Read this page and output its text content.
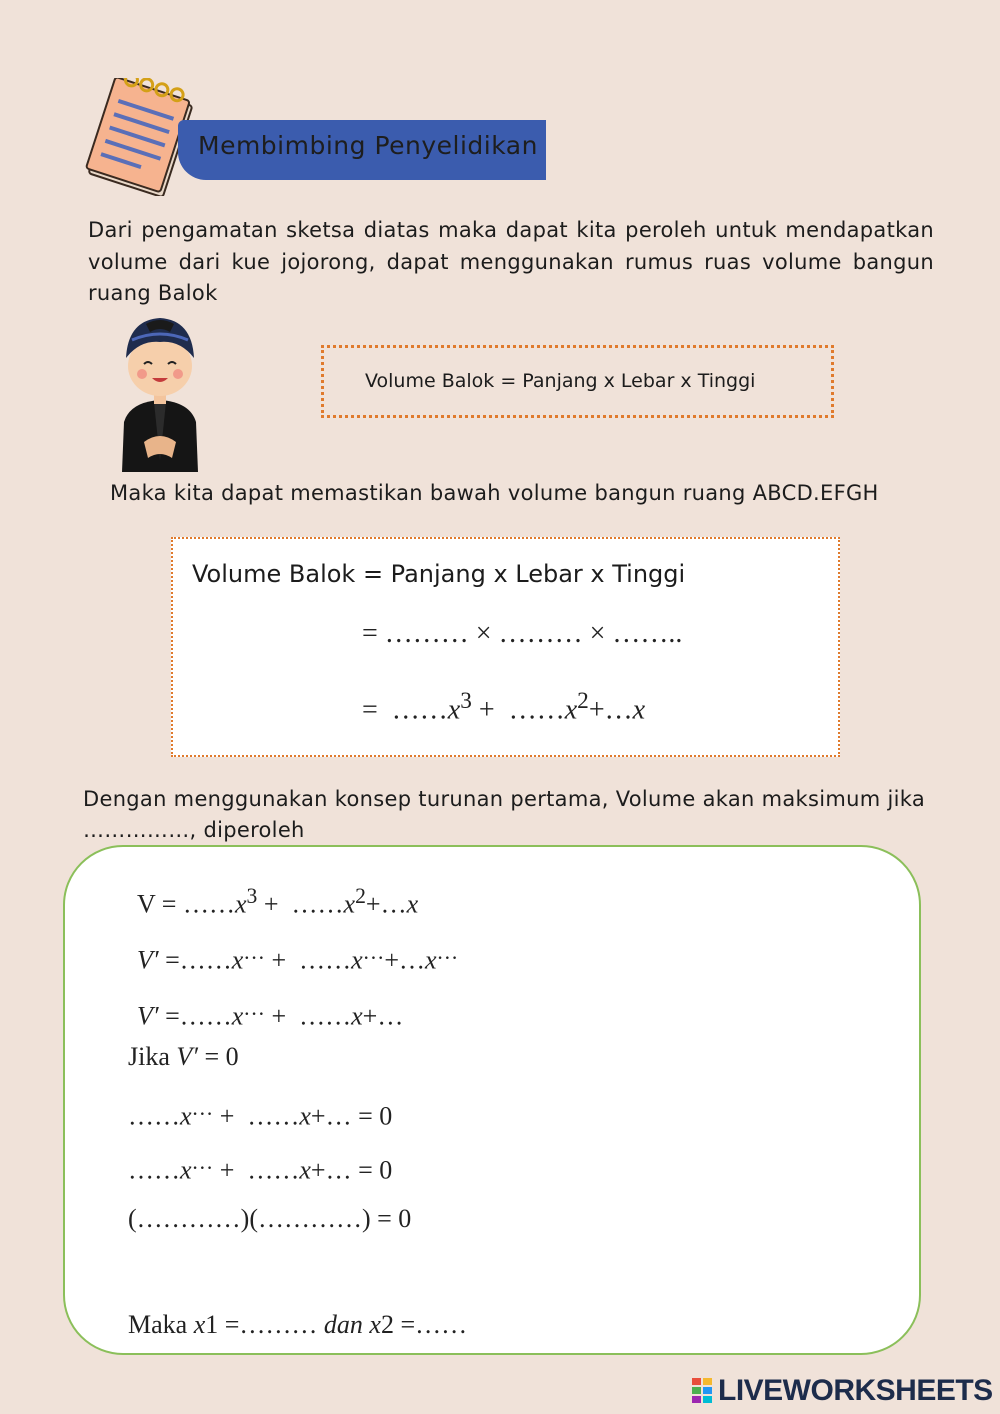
Membimbing Penyelidikan
Dari pengamatan sketsa diatas maka dapat kita peroleh untuk mendapatkan volume dari kue jojorong, dapat menggunakan rumus ruas volume bangun ruang Balok
Volume Balok = Panjang x Lebar x Tinggi
Maka kita dapat memastikan bawah volume bangun ruang ABCD.EFGH
Volume Balok = Panjang x Lebar x Tinggi
= ……… × ……… × ……..
=  $\dots\dots x^3$ +  $\dots\dots x^2+\dots x$
Dengan menggunakan konsep turunan pertama, Volume akan maksimum jika ……………, diperoleh
$V = \dots\dots x^3$ +  $\dots\dots x^2+\dots x$
V′ =……x… +  ……x…+…x…
V′ =……x… +  ……x+…
Jika V′ = 0
……x… +  ……x+… = 0
……x… +  ……x+… = 0
(…………)(…………) = 0
Maka x1 =……… dan x2 =……
LIVEWORKSHEETS
